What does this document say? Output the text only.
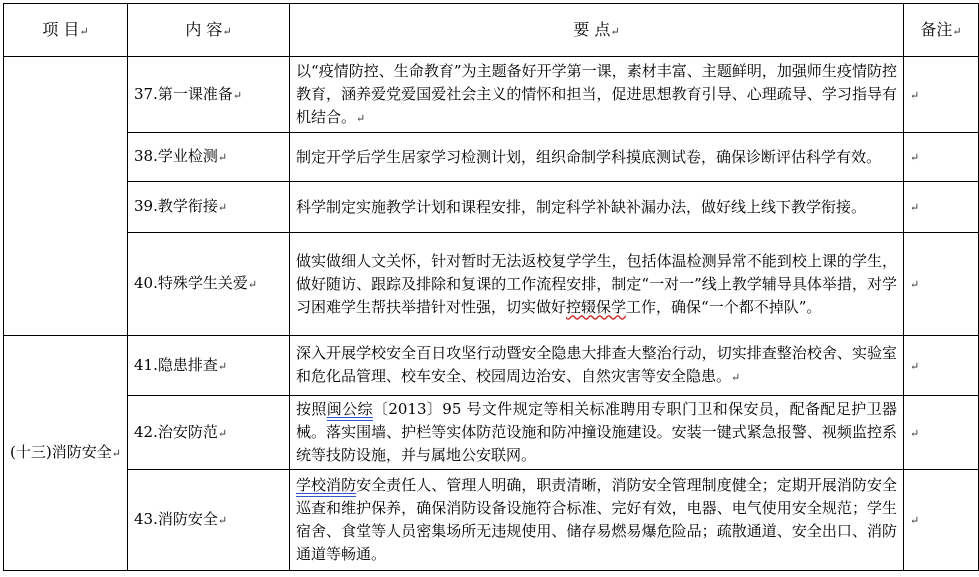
项 目↵	内 容↵	要 点↵	备注↵
	37.第一课准备↵	以“疫情防控、生命教育”为主题备好开学第一课，素材丰富、主题鲜明，加强师生疫情防控教育，涵养爱党爱国爱社会主义的情怀和担当，促进思想教育引导、心理疏导、学习指导有机结合。↵	↵
	38.学业检测↵	制定开学后学生居家学习检测计划，组织命制学科摸底测试卷，确保诊断评估科学有效。	↵
	39.教学衔接↵	科学制定实施教学计划和课程安排，制定科学补缺补漏办法，做好线上线下教学衔接。	↵
	40.特殊学生关爱↵	做实做细人文关怀，针对暂时无法返校复学学生，包括体温检测异常不能到校上课的学生，做好随访、跟踪及排除和复课的工作流程安排，制定“一对一”线上教学辅导具体举措，对学习困难学生帮扶举措针对性强，切实做好控辍保学工作，确保“一个都不掉队”。	↵
(十三)消防安全↵	41.隐患排查↵	深入开展学校安全百日攻坚行动暨安全隐患大排查大整治行动，切实排查整治校舍、实验室和危化品管理、校车安全、校园周边治安、自然灾害等安全隐患。↵	↵
	42.治安防范↵	按照闽公综〔2013〕95 号文件规定等相关标准聘用专职门卫和保安员，配备配足护卫器械。落实围墙、护栏等实体防范设施和防冲撞设施建设。安装一键式紧急报警、视频监控系统等技防设施，并与属地公安联网。	↵
	43.消防安全↵	学校消防安全责任人、管理人明确，职责清晰，消防安全管理制度健全；定期开展消防安全巡查和维护保养，确保消防设备设施符合标准、完好有效，电器、电气使用安全规范；学生宿舍、食堂等人员密集场所无违规使用、储存易燃易爆危险品；疏散通道、安全出口、消防通道等畅通。	↵
